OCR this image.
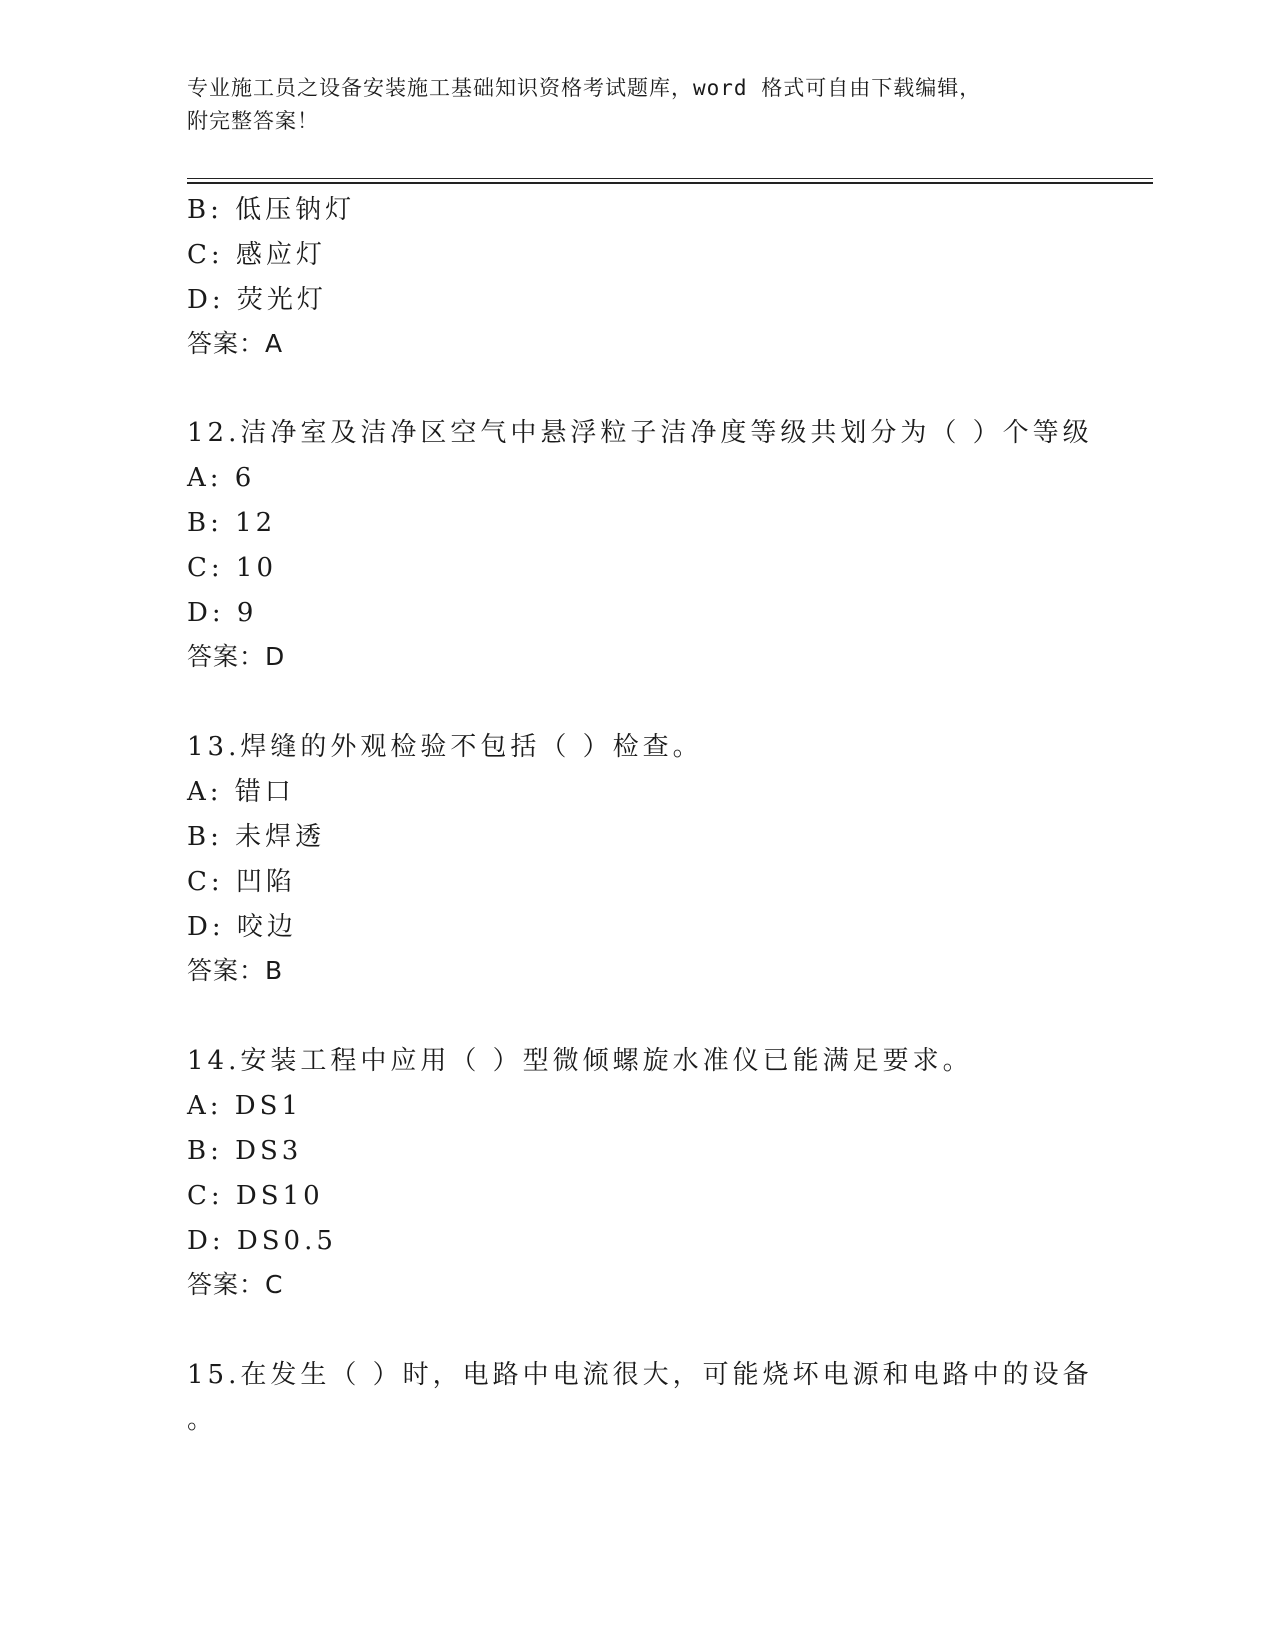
专业施工员之设备安装施工基础知识资格考试题库，word 格式可自由下载编辑，
附完整答案！
B: 低压钠灯
C: 感应灯
D: 荧光灯
答案：A
12.洁净室及洁净区空气中悬浮粒子洁净度等级共划分为（ ）个等级
A: 6
B: 12
C: 10
D: 9
答案：D
13.焊缝的外观检验不包括（ ）检查。
A: 错口
B: 未焊透
C: 凹陷
D: 咬边
答案：B
14.安装工程中应用（ ）型微倾螺旋水准仪已能满足要求。
A: DS1
B: DS3
C: DS10
D: DS0.5
答案：C
15.在发生（ ）时，电路中电流很大，可能烧坏电源和电路中的设备
。
